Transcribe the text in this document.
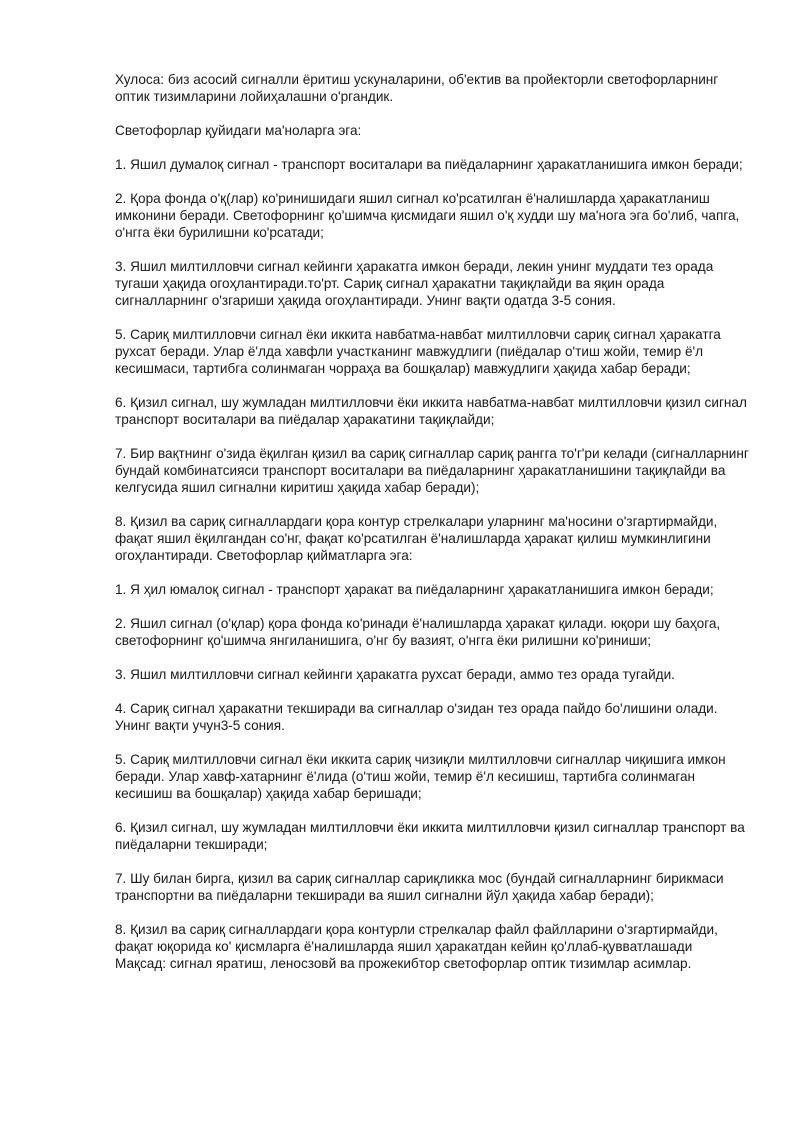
Хулоса: биз асосий сигналли ёритиш ускуналарини, об'ектив ва пройекторли светофорларнинг оптик тизимларини лойиҳалашни о'ргандик.

Светофорлар қуйидаги ма'ноларга эга:

1. Яшил думалоқ сигнал - транспорт воситалари ва пиёдаларнинг ҳаракатланишига имкон беради;

2. Қора фонда о'қ(лар) ко'ринишидаги яшил сигнал ко'рсатилган ё'налишларда ҳаракатланиш имконини беради. Светофорнинг қо'шимча қисмидаги яшил о'қ худди шу ма'нога эга бо'либ, чапга, о'нгга ёки бурилишни ко'рсатади;

3. Яшил милтилловчи сигнал кейинги ҳаракатга имкон беради, лекин унинг муддати тез орада тугаши ҳақида огоҳлантиради.то'рт. Сариқ сигнал ҳаракатни тақиқлайди ва яқин орада сигналларнинг о'згариши ҳақида огоҳлантиради. Унинг вақти одатда 3-5 сония.

5. Сариқ милтилловчи сигнал ёки иккита навбатма-навбат милтилловчи сариқ сигнал ҳаракатга рухсат беради. Улар ё'лда хавфли участканинг мавжудлиги (пиёдалар о'тиш жойи, темир ё'л кесишмаси, тартибга солинмаган чорраҳа ва бошқалар) мавжудлиги ҳақида хабар беради;

6. Қизил сигнал, шу жумладан милтилловчи ёки иккита навбатма-навбат милтилловчи қизил сигнал транспорт воситалари ва пиёдалар ҳаракатини тақиқлайди;

7. Бир вақтнинг о'зида ёқилган қизил ва сариқ сигналлар сариқ рангга то'г'ри келади (сигналларнинг бундай комбинатсияси транспорт воситалари ва пиёдаларнинг ҳаракатланишини тақиқлайди ва келгусида яшил сигнални киритиш ҳақида хабар беради);

8. Қизил ва сариқ сигналлардаги қора контур стрелкалари уларнинг ма'носини о'згартирмайди, фақат яшил ёқилгандан со'нг, фақат ко'рсатилган ё'налишларда ҳаракат қилиш мумкинлигини огоҳлантиради. Светофорлар қийматларга эга:

1. Я ҳил юмалоқ сигнал - транспорт ҳаракат ва пиёдаларнинг ҳаракатланишига имкон беради;

2. Яшил сигнал (о'қлар) қора фонда ко'ринади ё'налишларда ҳаракат қилади. юқори шу баҳога, светофорнинг қо'шимча янгиланишига, о'нг бу вазият, о'нгга ёки рилишни ко'риниши;

3. Яшил милтилловчи сигнал кейинги ҳаракатга рухсат беради, аммо тез орада тугайди.

4. Сариқ сигнал ҳаракатни текширади ва сигналлар о'зидан тез орада пайдо бо'лишини олади. Унинг вақти учун3-5 сония.

5. Сариқ милтилловчи сигнал ёки иккита сариқ чизиқли милтилловчи сигналлар чиқишига имкон беради. Улар хавф-хатарнинг ё'лида (о'тиш жойи, темир ё'л кесишиш, тартибга солинмаган кесишиш ва бошқалар) ҳақида хабар беришади;

6. Қизил сигнал, шу жумладан милтилловчи ёки иккита милтилловчи қизил сигналлар транспорт ва пиёдаларни текширади;

7. Шу билан бирга, қизил ва сариқ сигналлар сариқликка мос (бундай сигналларнинг бирикмаси транспортни ва пиёдаларни текширади ва яшил сигнални йўл ҳақида хабар беради);

8. Қизил ва сариқ сигналлардаги қора контурли стрелкалар файл файлларини о'згартирмайди, фақат юқорида ко' қисмларга ё'налишларда яшил ҳаракатдан кейин қо'ллаб-қувватлашади
Мақсад: сигнал яратиш, леносзовй ва прожекибтор светофорлар оптик тизимлар асимлар.
